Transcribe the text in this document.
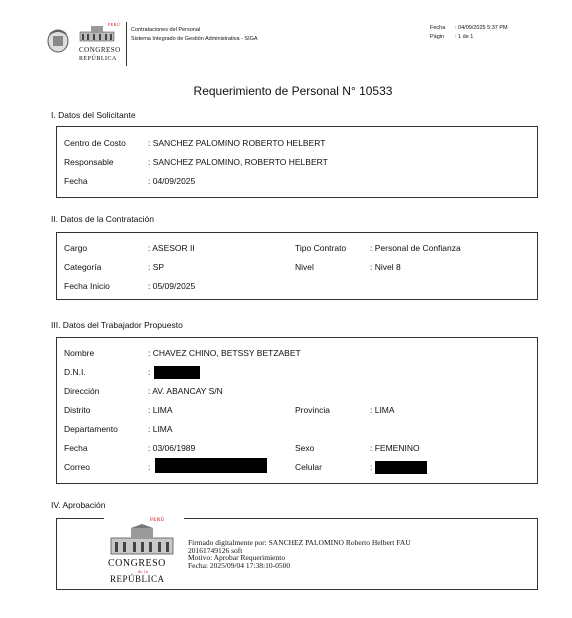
PERÚ
CONGRESO
REPÚBLICA
Contrataciones del Personal
Sistema Integrado de Gestión Administrativa - SIGA
Fecha : 04/09/2025 5:37 PM
Págin : 1 de 1
Requerimiento de Personal N° 10533
I. Datos del Solicitante
Centro de Costo	: SANCHEZ PALOMINO ROBERTO HELBERT
Responsable	: SANCHEZ PALOMINO, ROBERTO HELBERT
Fecha	: 04/09/2025
II. Datos de la Contratación
Cargo	: ASESOR II	Tipo Contrato	: Personal de Confianza
Categoría	: SP	Nivel	: Nivel 8
Fecha Inicio	: 05/09/2025
III. Datos del Trabajador Propuesto
Nombre	: CHAVEZ CHINO, BETSSY BETZABET
D.N.I.	:
Dirección	: AV. ABANCAY S/N
Distrito	: LIMA	Provincia	: LIMA
Departamento	: LIMA
Fecha	: 03/06/1989	Sexo	: FEMENINO
Correo	:	Celular	:
IV. Aprobación
PERÚ
CONGRESO
de la
REPÚBLICA
Firmado digitalmente por: SANCHEZ PALOMINO Roberto Helbert FAU
20161749126 soft
Motivo: Aprobar Requerimiento
Fecha: 2025/09/04 17:38:10-0500
